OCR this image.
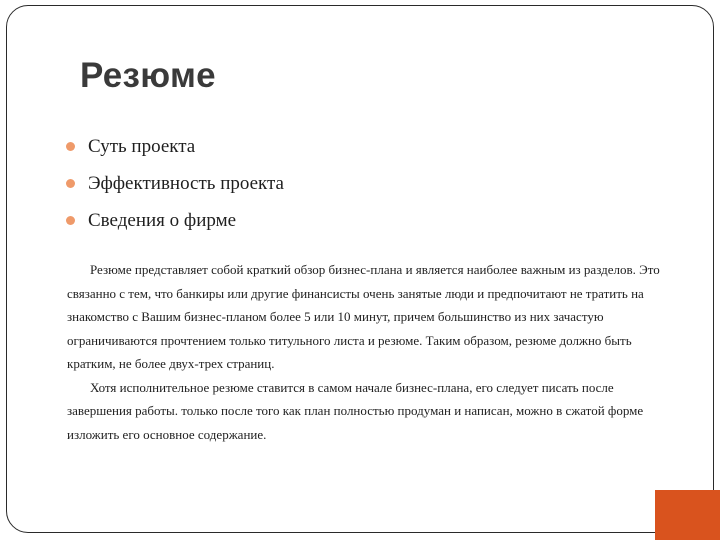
Резюме
Суть проекта
Эффективность проекта
Сведения о фирме

Резюме представляет собой краткий обзор бизнес-плана и является наиболее важным из разделов. Это связанно с тем, что банкиры или другие финансисты очень занятые люди и предпочитают не тратить на знакомство с Вашим бизнес-планом более 5 или 10 минут, причем большинство из них зачастую ограничиваются прочтением только титульного листа и резюме. Таким образом, резюме должно быть кратким, не более двух-трех страниц.

Хотя исполнительное резюме ставится в самом начале бизнес-плана, его следует писать после завершения работы. только после того как план полностью продуман и написан, можно в сжатой форме изложить его основное содержание.
